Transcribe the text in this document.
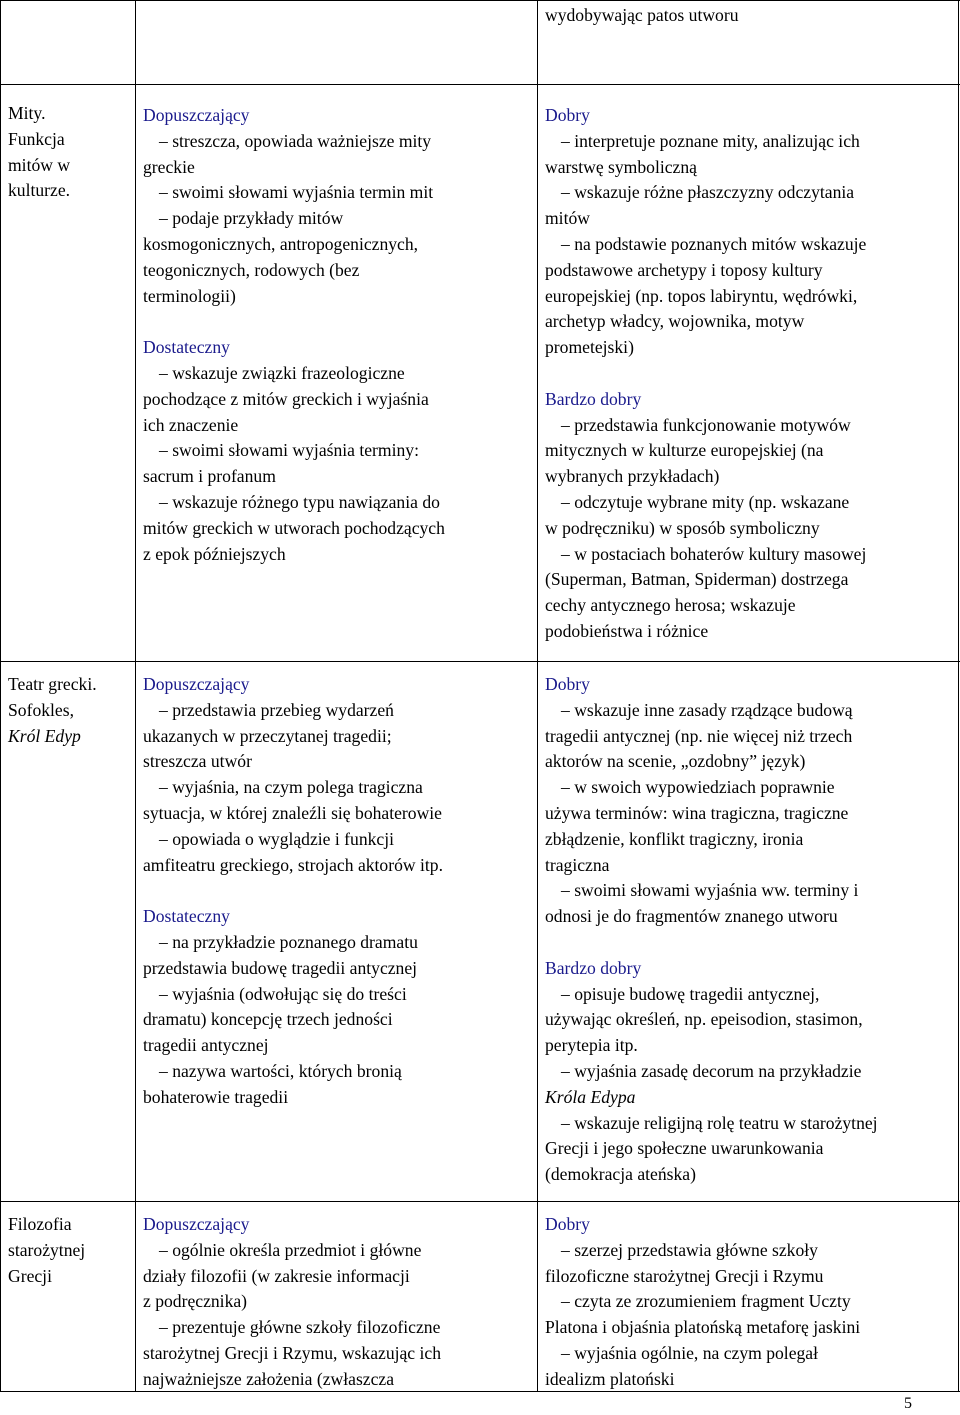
wydobywając patos utworu
Mity.
Funkcja
mitów w
kulturze.
Dopuszczający
– streszcza, opowiada ważniejsze mity
greckie
– swoimi słowami wyjaśnia termin mit
– podaje przykłady mitów
kosmogonicznych, antropogenicznych,
teogonicznych, rodowych (bez
terminologii)
Dostateczny
– wskazuje związki frazeologiczne
pochodzące z mitów greckich i wyjaśnia
ich znaczenie
– swoimi słowami wyjaśnia terminy:
sacrum i profanum
– wskazuje różnego typu nawiązania do
mitów greckich w utworach pochodzących
z epok późniejszych
Dobry
– interpretuje poznane mity, analizując ich
warstwę symboliczną
– wskazuje różne płaszczyzny odczytania
mitów
– na podstawie poznanych mitów wskazuje
podstawowe archetypy i toposy kultury
europejskiej (np. topos labiryntu, wędrówki,
archetyp władcy, wojownika, motyw
prometejski)
Bardzo dobry
– przedstawia funkcjonowanie motywów
mitycznych w kulturze europejskiej (na
wybranych przykładach)
– odczytuje wybrane mity (np. wskazane
w podręczniku) w sposób symboliczny
– w postaciach bohaterów kultury masowej
(Superman, Batman, Spiderman) dostrzega
cechy antycznego herosa; wskazuje
podobieństwa i różnice
Teatr grecki.
Sofokles,
Król Edyp
Dopuszczający
– przedstawia przebieg wydarzeń
ukazanych w przeczytanej tragedii;
streszcza utwór
– wyjaśnia, na czym polega tragiczna
sytuacja, w której znaleźli się bohaterowie
– opowiada o wyglądzie i funkcji
amfiteatru greckiego, strojach aktorów itp.
Dostateczny
– na przykładzie poznanego dramatu
przedstawia budowę tragedii antycznej
– wyjaśnia (odwołując się do treści
dramatu) koncepcję trzech jedności
tragedii antycznej
– nazywa wartości, których bronią
bohaterowie tragedii
Dobry
– wskazuje inne zasady rządzące budową
tragedii antycznej (np. nie więcej niż trzech
aktorów na scenie, „ozdobny” język)
– w swoich wypowiedziach poprawnie
używa terminów: wina tragiczna, tragiczne
zbłądzenie, konflikt tragiczny, ironia
tragiczna
– swoimi słowami wyjaśnia ww. terminy i
odnosi je do fragmentów znanego utworu
Bardzo dobry
– opisuje budowę tragedii antycznej,
używając określeń, np. epeisodion, stasimon,
perytepia itp.
– wyjaśnia zasadę decorum na przykładzie
Króla Edypa
– wskazuje religijną rolę teatru w starożytnej
Grecji i jego społeczne uwarunkowania
(demokracja ateńska)
Filozofia
starożytnej
Grecji
Dopuszczający
– ogólnie określa przedmiot i główne
działy filozofii (w zakresie informacji
z podręcznika)
– prezentuje główne szkoły filozoficzne
starożytnej Grecji i Rzymu, wskazując ich
najważniejsze założenia (zwłaszcza
Dobry
– szerzej przedstawia główne szkoły
filozoficzne starożytnej Grecji i Rzymu
– czyta ze zrozumieniem fragment Uczty
Platona i objaśnia platońską metaforę jaskini
– wyjaśnia ogólnie, na czym polegał
idealizm platoński
5
